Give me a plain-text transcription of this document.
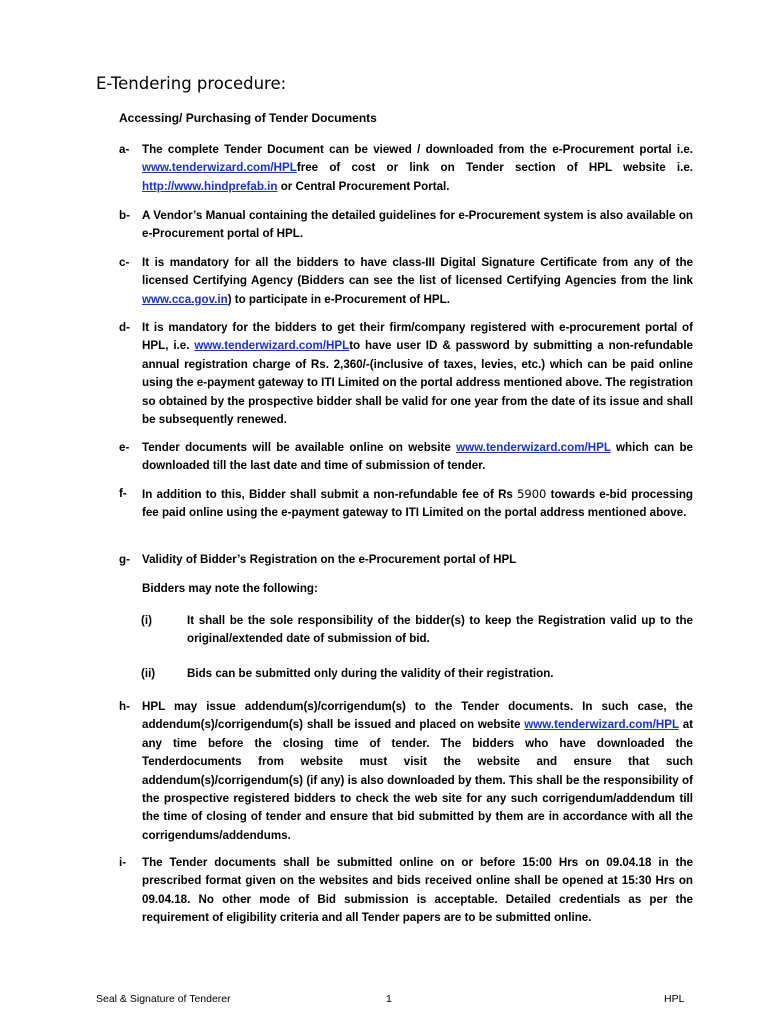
E-Tendering procedure:
Accessing/ Purchasing of Tender Documents
a- The complete Tender Document can be viewed / downloaded from the e-Procurement portal i.e. www.tenderwizard.com/HPLfree of cost or link on Tender section of HPL website i.e. http://www.hindprefab.in or Central Procurement Portal.
b- A Vendor’s Manual containing the detailed guidelines for e-Procurement system is also available on e-Procurement portal of HPL.
c- It is mandatory for all the bidders to have class-III Digital Signature Certificate from any of the licensed Certifying Agency (Bidders can see the list of licensed Certifying Agencies from the link www.cca.gov.in) to participate in e-Procurement of HPL.
d- It is mandatory for the bidders to get their firm/company registered with e-procurement portal of HPL, i.e. www.tenderwizard.com/HPLto have user ID & password by submitting a non-refundable annual registration charge of Rs. 2,360/-(inclusive of taxes, levies, etc.) which can be paid online using the e-payment gateway to ITI Limited on the portal address mentioned above. The registration so obtained by the prospective bidder shall be valid for one year from the date of its issue and shall be subsequently renewed.
e- Tender documents will be available online on website www.tenderwizard.com/HPL which can be downloaded till the last date and time of submission of tender.
f- In addition to this, Bidder shall submit a non-refundable fee of Rs 5900 towards e-bid processing fee paid online using the e-payment gateway to ITI Limited on the portal address mentioned above.
g- Validity of Bidder’s Registration on the e-Procurement portal of HPL
Bidders may note the following:
(i)	It shall be the sole responsibility of the bidder(s) to keep the Registration valid up to the original/extended date of submission of bid.
(ii)	Bids can be submitted only during the validity of their registration.
h- HPL may issue addendum(s)/corrigendum(s) to the Tender documents. In such case, the addendum(s)/corrigendum(s) shall be issued and placed on website www.tenderwizard.com/HPL at any time before the closing time of tender. The bidders who have downloaded the Tenderdocuments from website must visit the website and ensure that such addendum(s)/corrigendum(s) (if any) is also downloaded by them. This shall be the responsibility of the prospective registered bidders to check the web site for any such corrigendum/addendum till the time of closing of tender and ensure that bid submitted by them are in accordance with all the corrigendums/addendums.
i- The Tender documents shall be submitted online on or before 15:00 Hrs on 09.04.18 in the prescribed format given on the websites and bids received online shall be opened at 15:30 Hrs on 09.04.18. No other mode of Bid submission is acceptable. Detailed credentials as per the requirement of eligibility criteria and all Tender papers are to be submitted online.
Seal & Signature of Tenderer	1	HPL
